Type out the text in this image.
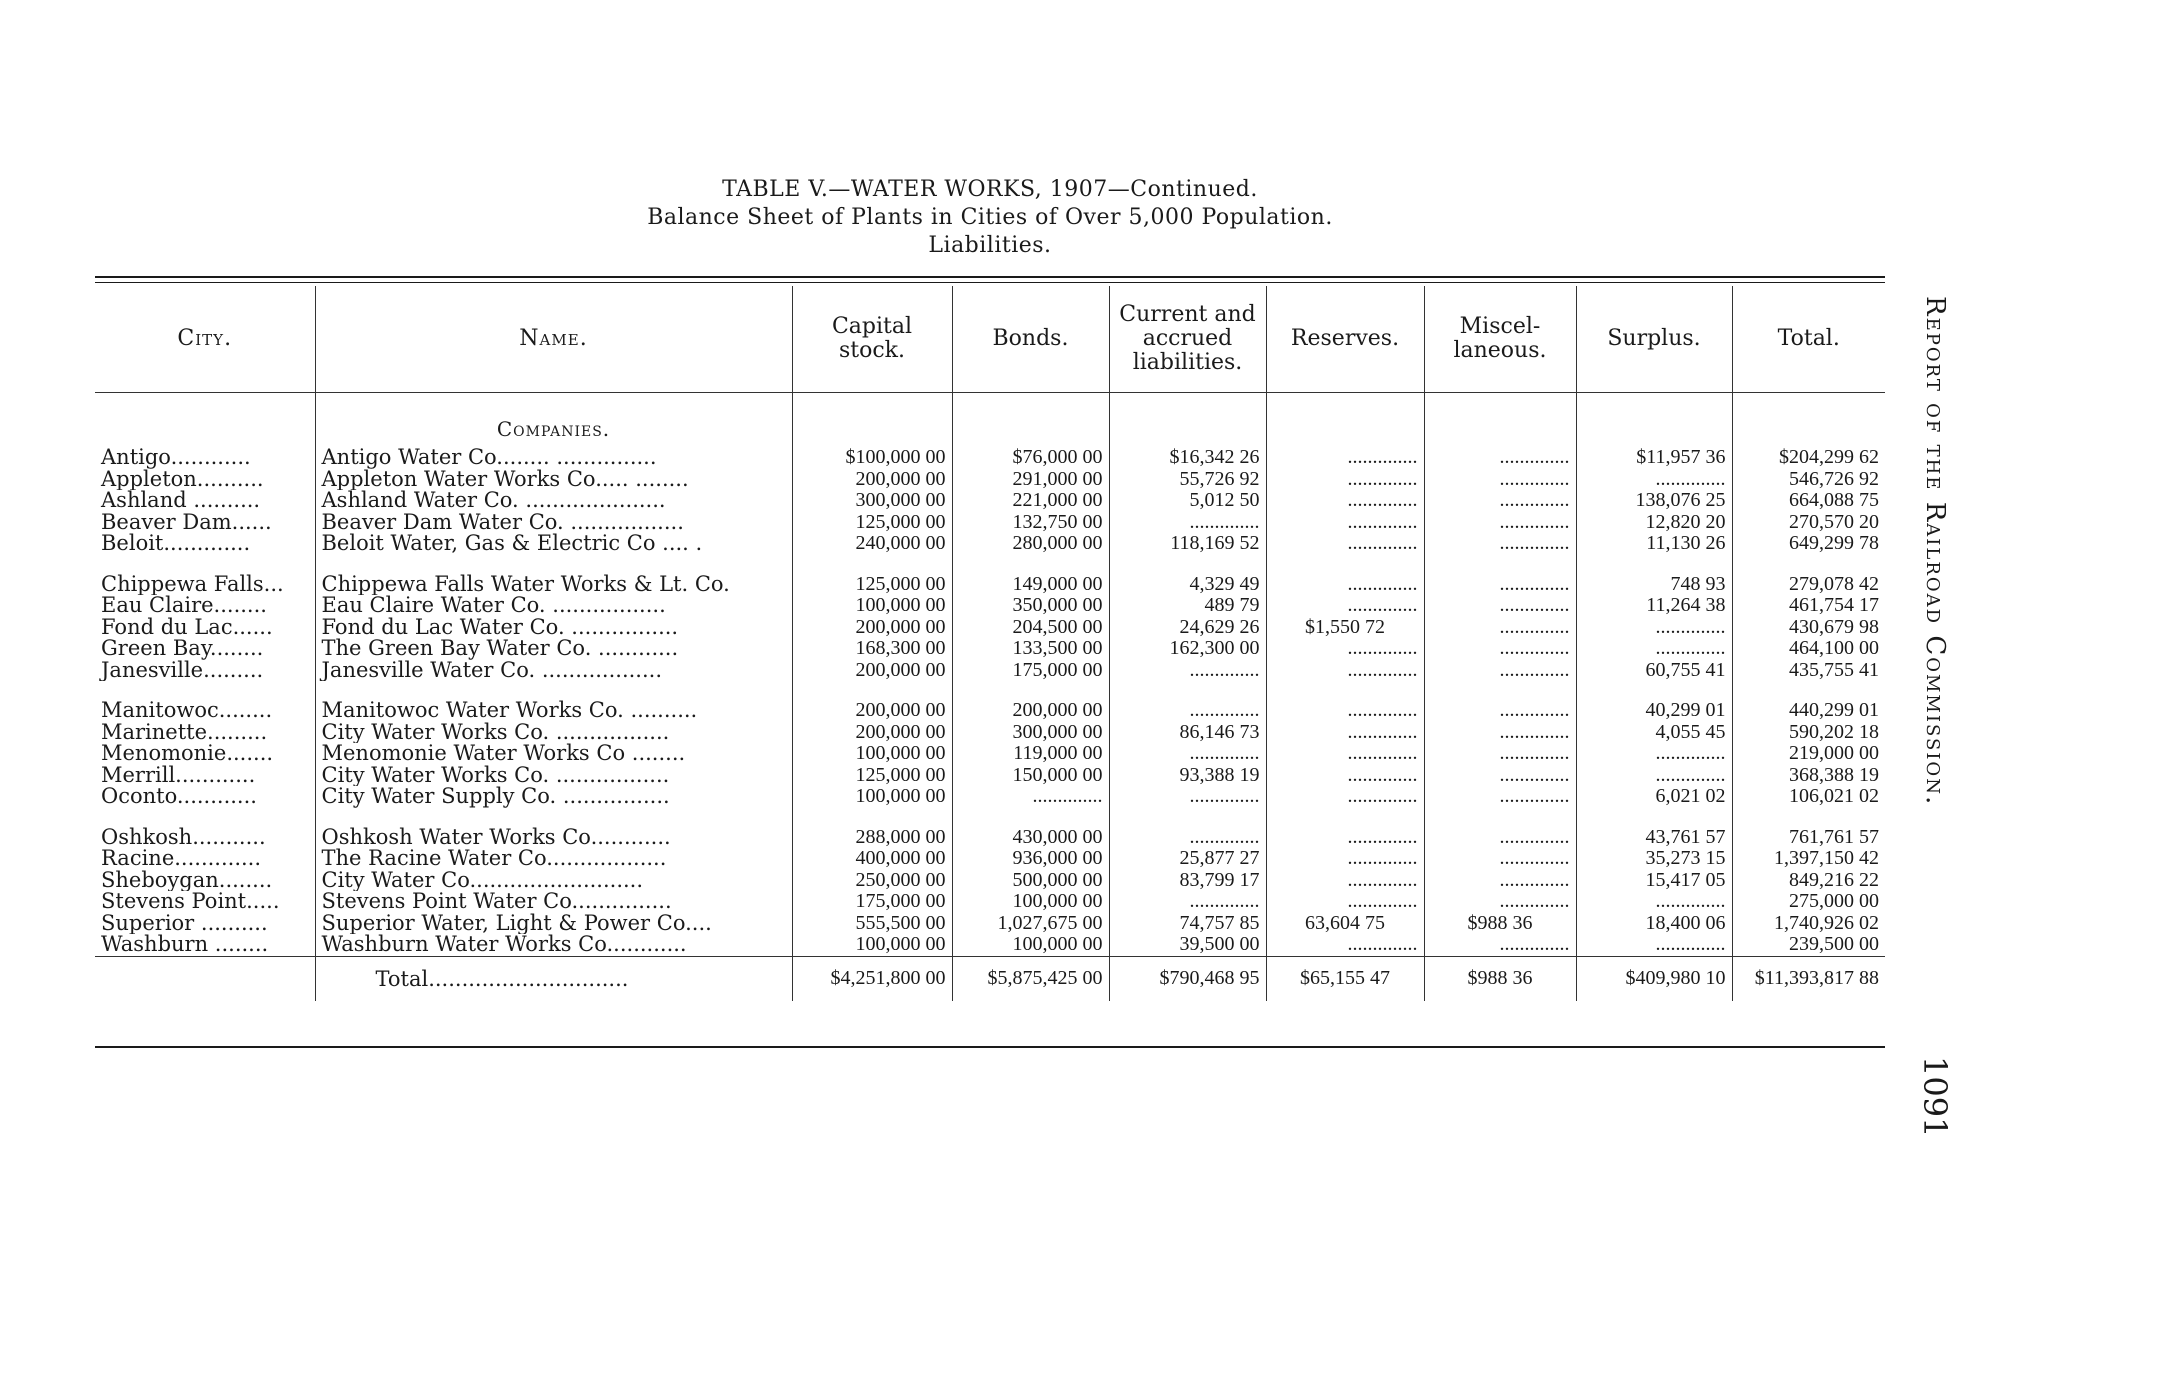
TABLE V.—WATER WORKS, 1907—Continued.
Balance Sheet of Plants in Cities of Over 5,000 Population.
Liabilities.
City.	Name.	Capital stock.	Bonds.	Current and accrued liabilities.	Reserves.	Miscel-laneous.	Surplus.	Total.
	Companies.							
Antigo............	Antigo Water Co........ ...............	$100,000 00	$76,000 00	$16,342 26	..............	..............	$11,957 36	$204,299 62
Appleton..........	Appleton Water Works Co..... ........	200,000 00	291,000 00	55,726 92	..............	..............	..............	546,726 92
Ashland ..........	Ashland Water Co. .....................	300,000 00	221,000 00	5,012 50	..............	..............	138,076 25	664,088 75
Beaver Dam......	Beaver Dam Water Co. .................	125,000 00	132,750 00	..............	..............	..............	12,820 20	270,570 20
Beloit.............	Beloit Water, Gas & Electric Co .... .	240,000 00	280,000 00	118,169 52	..............	..............	11,130 26	649,299 78

Chippewa Falls...	Chippewa Falls Water Works & Lt. Co.	125,000 00	149,000 00	4,329 49	..............	..............	748 93	279,078 42
Eau Claire........	Eau Claire Water Co. .................	100,000 00	350,000 00	489 79	..............	..............	11,264 38	461,754 17
Fond du Lac......	Fond du Lac Water Co. ................	200,000 00	204,500 00	24,629 26	$1,550 72	..............	..............	430,679 98
Green Bay........	The Green Bay Water Co. ............	168,300 00	133,500 00	162,300 00	..............	..............	..............	464,100 00
Janesville.........	Janesville Water Co. ..................	200,000 00	175,000 00	..............	..............	..............	60,755 41	435,755 41

Manitowoc........	Manitowoc Water Works Co. ..........	200,000 00	200,000 00	..............	..............	..............	40,299 01	440,299 01
Marinette.........	City Water Works Co. .................	200,000 00	300,000 00	86,146 73	..............	..............	4,055 45	590,202 18
Menomonie.......	Menomonie Water Works Co ........	100,000 00	119,000 00	..............	..............	..............	..............	219,000 00
Merrill............	City Water Works Co. .................	125,000 00	150,000 00	93,388 19	..............	..............	..............	368,388 19
Oconto............	City Water Supply Co. ................	100,000 00	..............	..............	..............	..............	6,021 02	106,021 02

Oshkosh...........	Oshkosh Water Works Co............	288,000 00	430,000 00	..............	..............	..............	43,761 57	761,761 57
Racine.............	The Racine Water Co..................	400,000 00	936,000 00	25,877 27	..............	..............	35,273 15	1,397,150 42
Sheboygan........	City Water Co..........................	250,000 00	500,000 00	83,799 17	..............	..............	15,417 05	849,216 22
Stevens Point.....	Stevens Point Water Co...............	175,000 00	100,000 00	..............	..............	..............	..............	275,000 00
Superior ..........	Superior Water, Light & Power Co....	555,500 00	1,027,675 00	74,757 85	63,604 75	$988 36	18,400 06	1,740,926 02
Washburn ........	Washburn Water Works Co............	100,000 00	100,000 00	39,500 00	..............	..............	..............	239,500 00
	Total..............................	$4,251,800 00	$5,875,425 00	$790,468 95	$65,155 47	$988 36	$409,980 10	$11,393,817 88
Report of the Railroad Commission.
1091
